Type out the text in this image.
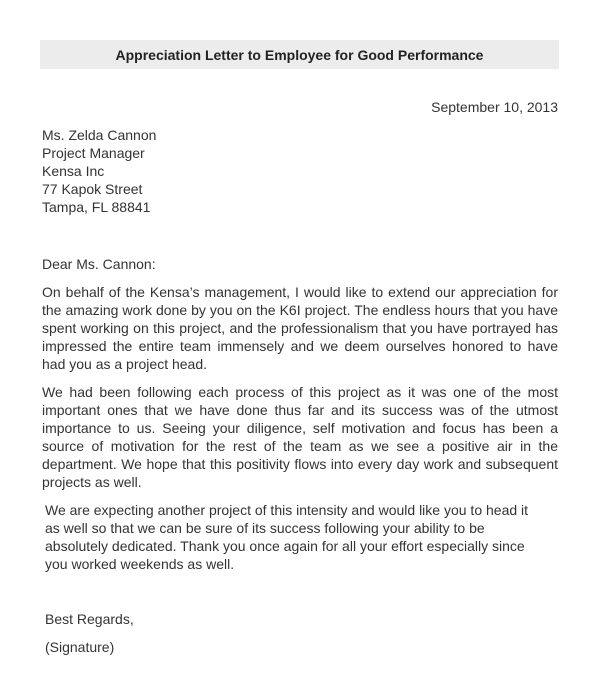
Appreciation Letter to Employee for Good Performance
September 10, 2013
Ms. Zelda Cannon
Project Manager
Kensa Inc
77 Kapok Street
Tampa, FL 88841
Dear Ms. Cannon:

On behalf of the Kensa’s management, I would like to extend our appreciation for the amazing work done by you on the K6I project. The endless hours that you have spent working on this project, and the professionalism that you have portrayed has impressed the entire team immensely and we deem ourselves honored to have had you as a project head.

We had been following each process of this project as it was one of the most important ones that we have done thus far and its success was of the utmost importance to us. Seeing your diligence, self motivation and focus has been a source of motivation for the rest of the team as we see a positive air in the department. We hope that this positivity flows into every day work and subsequent projects as well.

We are expecting another project of this intensity and would like you to head it as well so that we can be sure of its success following your ability to be absolutely dedicated. Thank you once again for all your effort especially since you worked weekends as well.

Best Regards,
(Signature)
